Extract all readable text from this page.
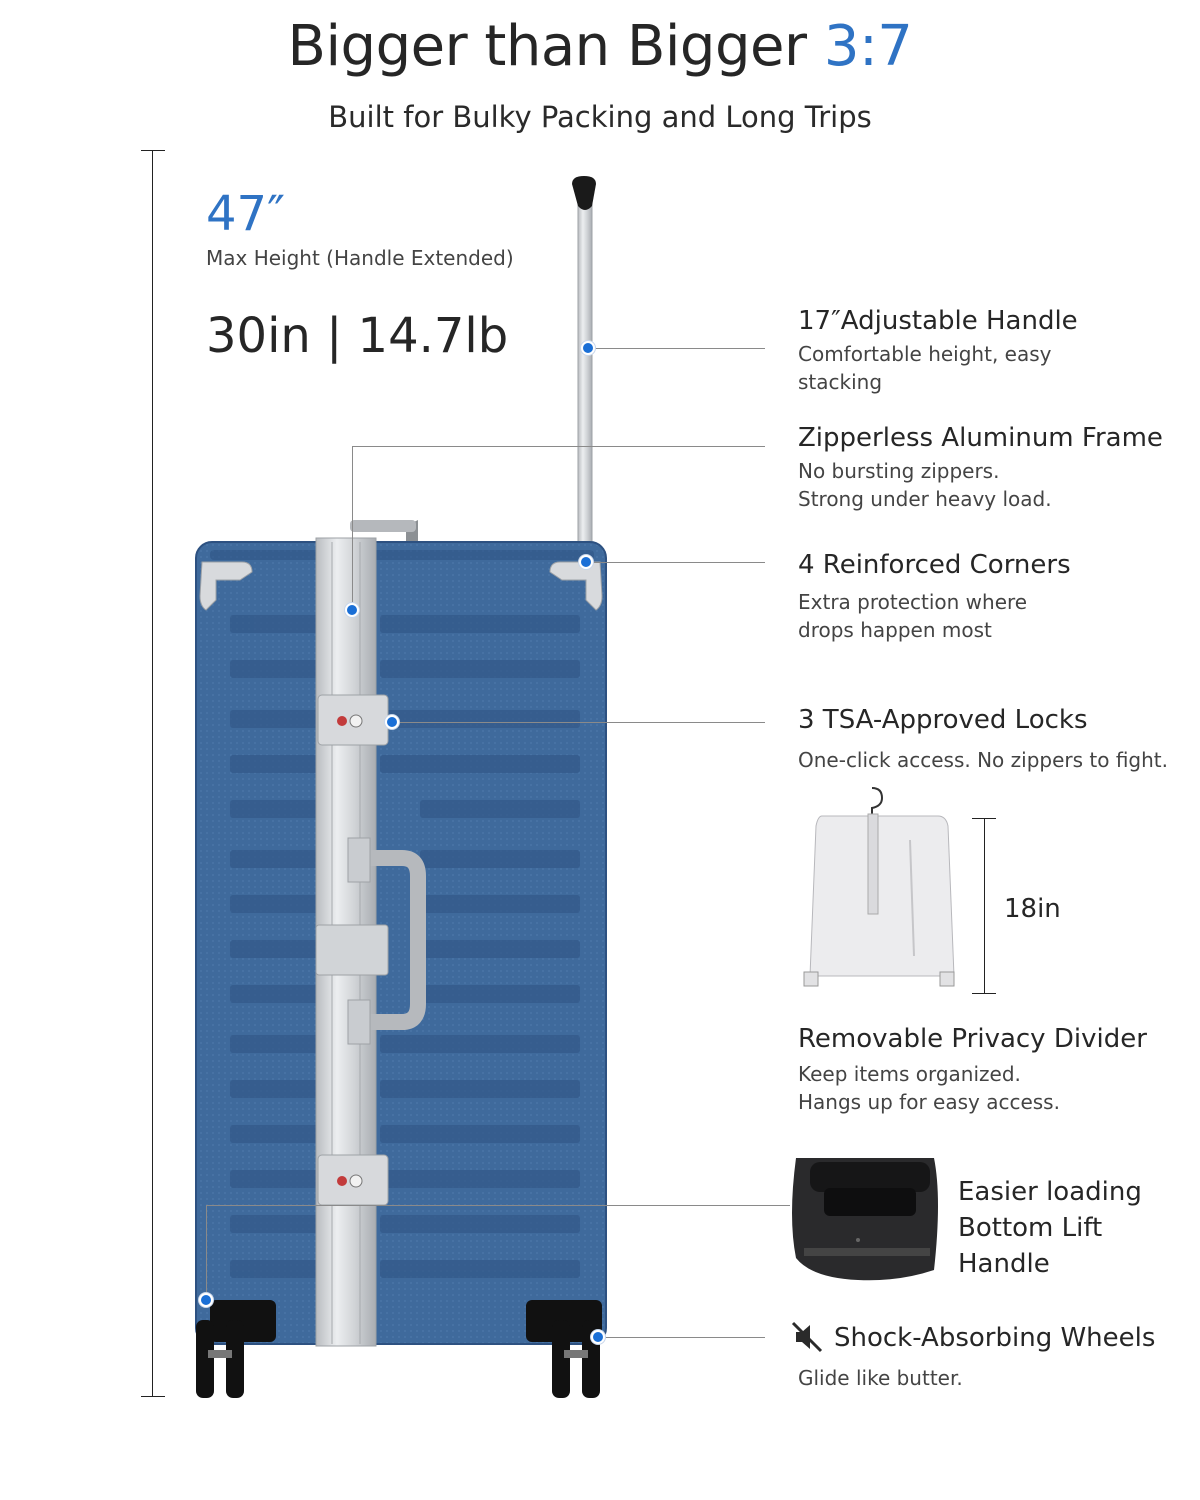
Bigger than Bigger 3:7
Built for Bulky Packing and Long Trips
47″
Max Height (Handle Extended)
30in | 14.7lb	17″Adjustable Handle
Comfortable height, easy
stacking
Zipperless Aluminum Frame
No bursting zippers.
Strong under heavy load.
4 Reinforced Corners
Extra protection where
drops happen most
3 TSA-Approved Locks
One-click access. No zippers to fight.
18in
Removable Privacy Divider
Keep items organized.
Hangs up for easy access.
Easier loading
Bottom Lift
Handle
Shock-Absorbing Wheels
Glide like butter.
